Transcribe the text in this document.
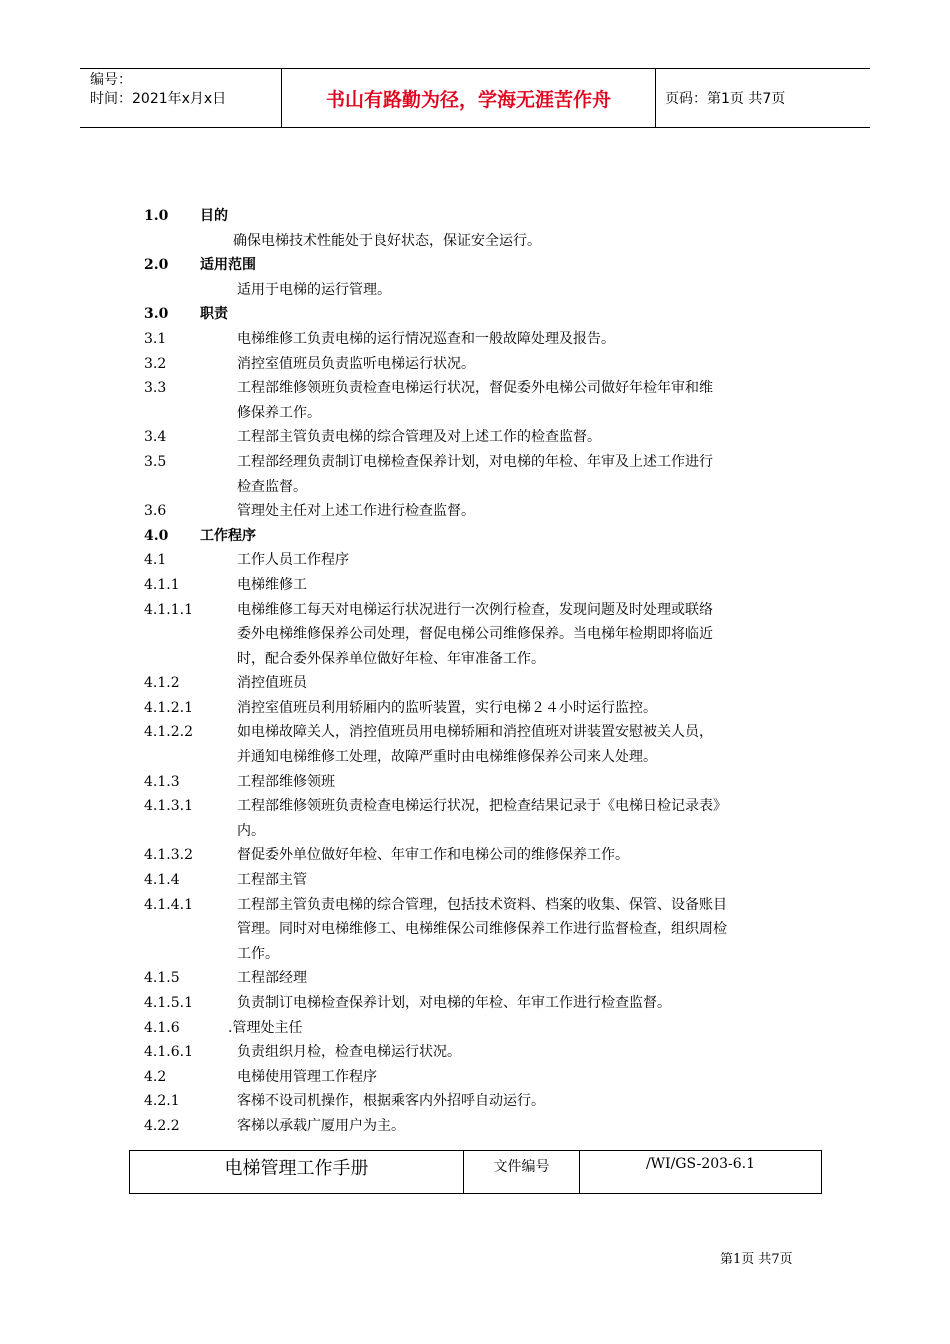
编号：
时间：2021年x月x日	书山有路勤为径，学海无涯苦作舟	页码：第1页 共7页
1.0 目的
确保电梯技术性能处于良好状态，保证安全运行。
2.0 适用范围
适用于电梯的运行管理。
3.0 职责
3.1	电梯维修工负责电梯的运行情况巡查和一般故障处理及报告。
3.2	消控室值班员负责监听电梯运行状况。
3.3	工程部维修领班负责检查电梯运行状况，督促委外电梯公司做好年检年审和维
修保养工作。
3.4	工程部主管负责电梯的综合管理及对上述工作的检查监督。
3.5	工程部经理负责制订电梯检查保养计划，对电梯的年检、年审及上述工作进行
检查监督。
3.6	管理处主任对上述工作进行检查监督。
4.0 工作程序
4.1	工作人员工作程序
4.1.1	电梯维修工
4.1.1.1	电梯维修工每天对电梯运行状况进行一次例行检查，发现问题及时处理或联络
委外电梯维修保养公司处理，督促电梯公司维修保养。当电梯年检期即将临近
时，配合委外保养单位做好年检、年审准备工作。
4.1.2	消控值班员
4.1.2.1	消控室值班员利用轿厢内的监听装置，实行电梯２４小时运行监控。
4.1.2.2	如电梯故障关人，消控值班员用电梯轿厢和消控值班对讲装置安慰被关人员，
并通知电梯维修工处理，故障严重时由电梯维修保养公司来人处理。
4.1.3	工程部维修领班
4.1.3.1	工程部维修领班负责检查电梯运行状况，把检查结果记录于《电梯日检记录表》
内。
4.1.3.2	督促委外单位做好年检、年审工作和电梯公司的维修保养工作。
4.1.4	工程部主管
4.1.4.1	工程部主管负责电梯的综合管理，包括技术资料、档案的收集、保管、设备账目
管理。同时对电梯维修工、电梯维保公司维修保养工作进行监督检查，组织周检
工作。
4.1.5	工程部经理
4.1.5.1	负责制订电梯检查保养计划，对电梯的年检、年审工作进行检查监督。
4.1.6	.管理处主任
4.1.6.1	负责组织月检，检查电梯运行状况。
4.2	电梯使用管理工作程序
4.2.1	客梯不设司机操作，根据乘客内外招呼自动运行。
4.2.2	客梯以承载广厦用户为主。
电梯管理工作手册	文件编号	/WI/GS-203-6.1
第1页 共7页
